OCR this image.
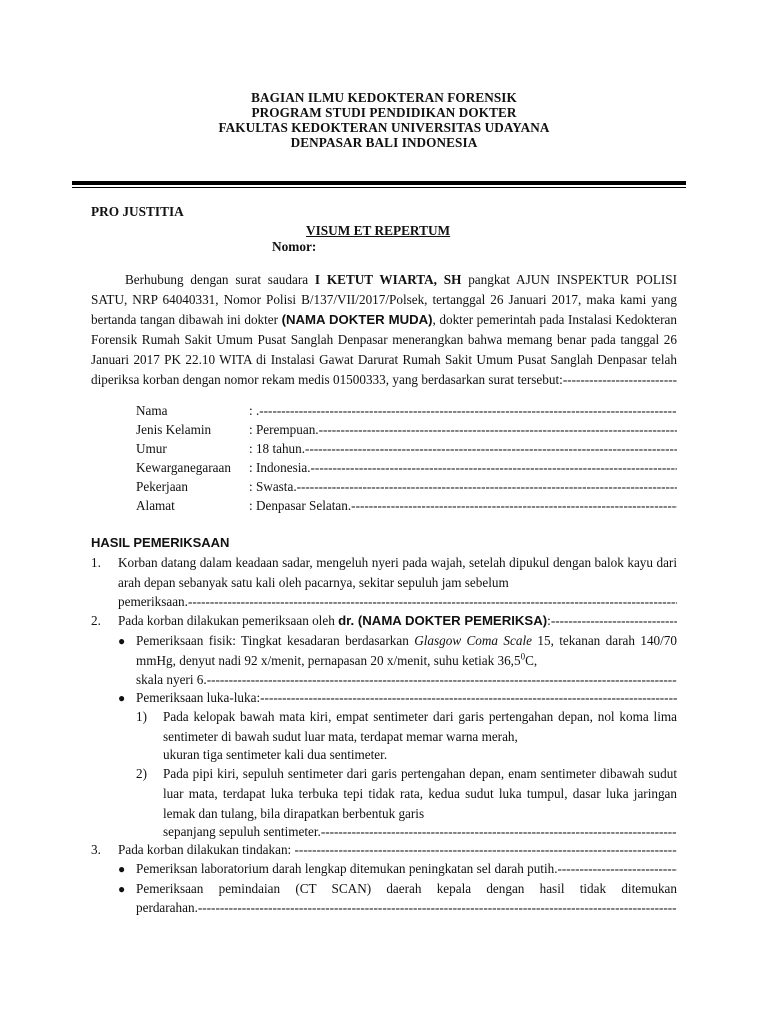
BAGIAN ILMU KEDOKTERAN FORENSIK
PROGRAM STUDI PENDIDIKAN DOKTER
FAKULTAS KEDOKTERAN UNIVERSITAS UDAYANA
DENPASAR BALI INDONESIA
PRO JUSTITIA
VISUM ET REPERTUM
Nomor:

Berhubung dengan surat saudara I KETUT WIARTA, SH pangkat AJUN INSPEKTUR POLISI SATU, NRP 64040331, Nomor Polisi B/137/VII/2017/Polsek, tertanggal 26 Januari 2017, maka kami yang bertanda tangan dibawah ini dokter (NAMA DOKTER MUDA), dokter pemerintah pada Instalasi Kedokteran Forensik Rumah Sakit Umum Pusat Sanglah Denpasar menerangkan bahwa memang benar pada tanggal 26 Januari 2017 PK 22.10 WITA di Instalasi Gawat Darurat Rumah Sakit Umum Pusat Sanglah Denpasar telah diperiksa korban dengan nomor rekam medis 01500333, yang berdasarkan surat tersebut: -----

Nama	: . -----
Jenis Kelamin	: Perempuan. -----
Umur	: 18 tahun. -----
Kewarganegaraan : Indonesia. -----
Pekerjaan	: Swasta. -----
Alamat	: Denpasar Selatan. -----
HASIL PEMERIKSAAN
1. Korban datang dalam keadaan sadar, mengeluh nyeri pada wajah, setelah dipukul dengan balok kayu dari arah depan sebanyak satu kali oleh pacarnya, sekitar sepuluh jam sebelum
pemeriksaan. -----
2. Pada korban dilakukan pemeriksaan oleh dr. (NAMA DOKTER PEMERIKSA): -----
● Pemeriksaan fisik: Tingkat kesadaran berdasarkan Glasgow Coma Scale 15, tekanan darah 140/70 mmHg, denyut nadi 92 x/menit, pernapasan 20 x/menit, suhu ketiak 36,5$^0$C,
skala nyeri 6. -----
● Pemeriksaan luka-luka: -----
1) Pada kelopak bawah mata kiri, empat sentimeter dari garis pertengahan depan, nol koma lima sentimeter di bawah sudut luar mata, terdapat memar warna merah,
ukuran tiga sentimeter kali dua sentimeter.
2) Pada pipi kiri, sepuluh sentimeter dari garis pertengahan depan, enam sentimeter dibawah sudut luar mata, terdapat luka terbuka tepi tidak rata, kedua sudut luka tumpul, dasar luka jaringan lemak dan tulang, bila dirapatkan berbentuk garis
sepanjang sepuluh sentimeter. -----
3. Pada korban dilakukan tindakan: -----
● Pemeriksan laboratorium darah lengkap ditemukan peningkatan sel darah putih. -----
● Pemeriksaan pemindaian (CT SCAN) daerah kepala dengan hasil tidak ditemukan
perdarahan. -----
